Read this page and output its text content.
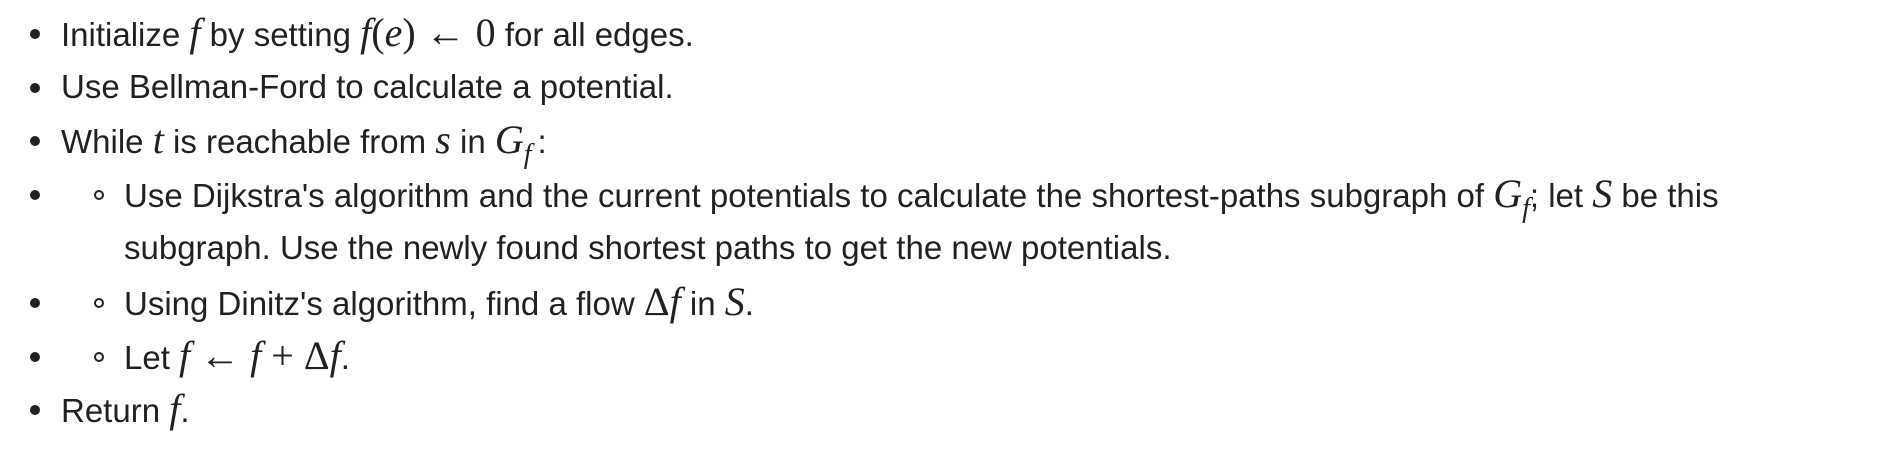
Initialize f by setting f(e) ← 0 for all edges.
Use Bellman-Ford to calculate a potential.
While t is reachable from s in $G_f$ :
Use Dijkstra's algorithm and the current potentials to calculate the shortest-paths subgraph of $G_f$; let S be this
subgraph. Use the newly found shortest paths to get the new potentials.
Using Dinitz's algorithm, find a flow Δf in S.
Let f ← f + Δf.
Return f.
